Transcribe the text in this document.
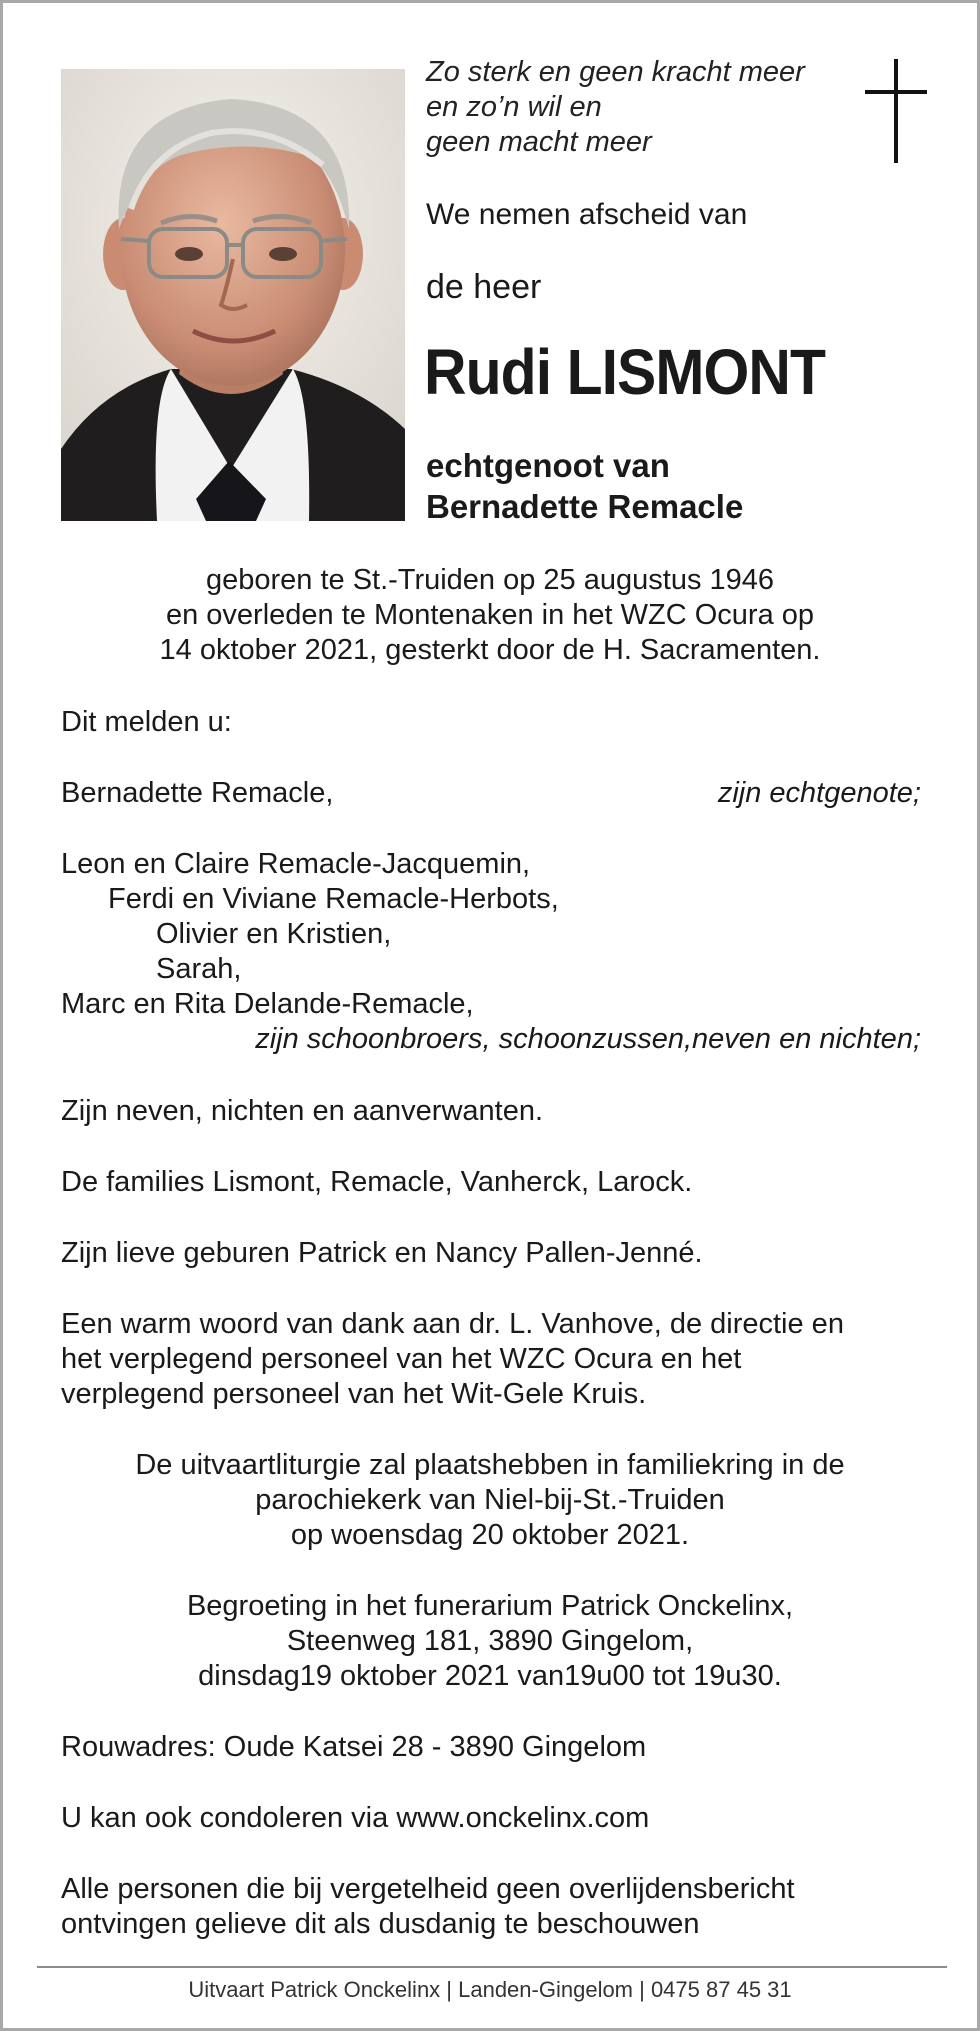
Zo sterk en geen kracht meer
en zo’n wil en
geen macht meer
We nemen afscheid van
de heer
Rudi LISMONT
echtgenoot van
Bernadette Remacle
geboren te St.-Truiden op 25 augustus 1946
en overleden te Montenaken in het WZC Ocura op
14 oktober 2021, gesterkt door de H. Sacramenten.
Dit melden u:
Bernadette Remacle,	zijn echtgenote;
Leon en Claire Remacle-Jacquemin,
Ferdi en Viviane Remacle-Herbots,
Olivier en Kristien,
Sarah,
Marc en Rita Delande-Remacle,
zijn schoonbroers, schoonzussen,neven en nichten;
Zijn neven, nichten en aanverwanten.
De families Lismont, Remacle, Vanherck, Larock.
Zijn lieve geburen Patrick en Nancy Pallen-Jenné.
Een warm woord van dank aan dr. L. Vanhove, de directie en
het verplegend personeel van het WZC Ocura en het
verplegend personeel van het Wit-Gele Kruis.
De uitvaartliturgie zal plaatshebben in familiekring in de
parochiekerk van Niel-bij-St.-Truiden
op woensdag 20 oktober 2021.
Begroeting in het funerarium Patrick Onckelinx,
Steenweg 181, 3890 Gingelom,
dinsdag19 oktober 2021 van19u00 tot 19u30.
Rouwadres: Oude Katsei 28 - 3890 Gingelom
U kan ook condoleren via www.onckelinx.com
Alle personen die bij vergetelheid geen overlijdensbericht
ontvingen gelieve dit als dusdanig te beschouwen
Uitvaart Patrick Onckelinx | Landen-Gingelom | 0475 87 45 31
